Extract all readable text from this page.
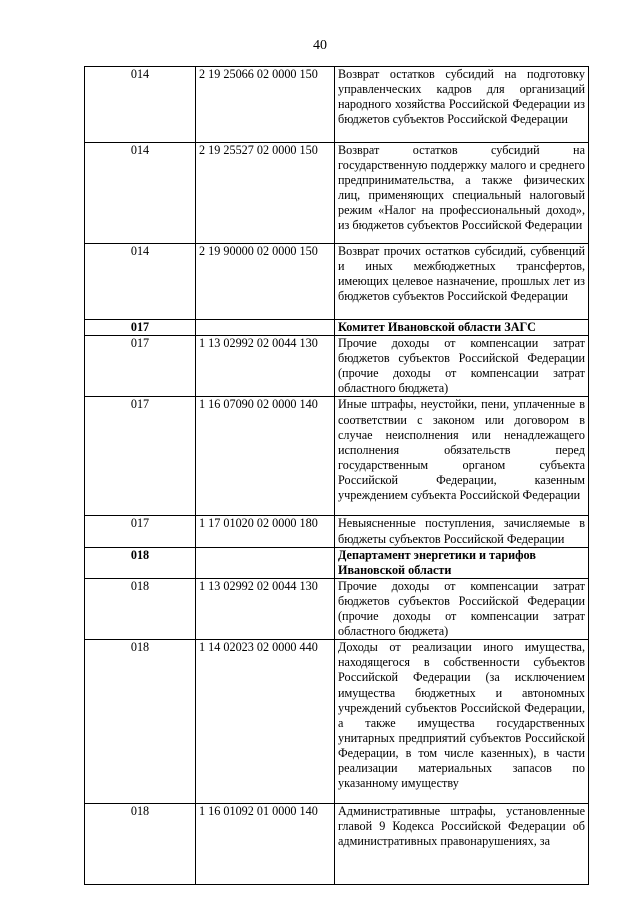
40
014	2 19 25066 02 0000 150	Возврат остатков субсидий на подготовку управленческих кадров для организаций народного хозяйства Российской Федерации из бюджетов субъектов Российской Федерации
014	2 19 25527 02 0000 150	Возврат остатков субсидий на государственную поддержку малого и среднего предпринимательства, а также физических лиц, применяющих специальный налоговый режим «Налог на профессиональный доход», из бюджетов субъектов Российской Федерации
014	2 19 90000 02 0000 150	Возврат прочих остатков субсидий, субвенций и иных межбюджетных трансфертов, имеющих целевое назначение, прошлых лет из бюджетов субъектов Российской Федерации
017		Комитет Ивановской области ЗАГС
017	1 13 02992 02 0044 130	Прочие доходы от компенсации затрат бюджетов субъектов Российской Федерации (прочие доходы от компенсации затрат областного бюджета)
017	1 16 07090 02 0000 140	Иные штрафы, неустойки, пени, уплаченные в соответствии с законом или договором в случае неисполнения или ненадлежащего исполнения обязательств перед государственным органом субъекта Российской Федерации, казенным учреждением субъекта Российской Федерации
017	1 17 01020 02 0000 180	Невыясненные поступления, зачисляемые в бюджеты субъектов Российской Федерации
018		Департамент энергетики и тарифов Ивановской области
018	1 13 02992 02 0044 130	Прочие доходы от компенсации затрат бюджетов субъектов Российской Федерации (прочие доходы от компенсации затрат областного бюджета)
018	1 14 02023 02 0000 440	Доходы от реализации иного имущества, находящегося в собственности субъектов Российской Федерации (за исключением имущества бюджетных и автономных учреждений субъектов Российской Федерации, а также имущества государственных унитарных предприятий субъектов Российской Федерации, в том числе казенных), в части реализации материальных запасов по указанному имуществу
018	1 16 01092 01 0000 140	Административные штрафы, установленные главой 9 Кодекса Российской Федерации об административных правонарушениях, за
